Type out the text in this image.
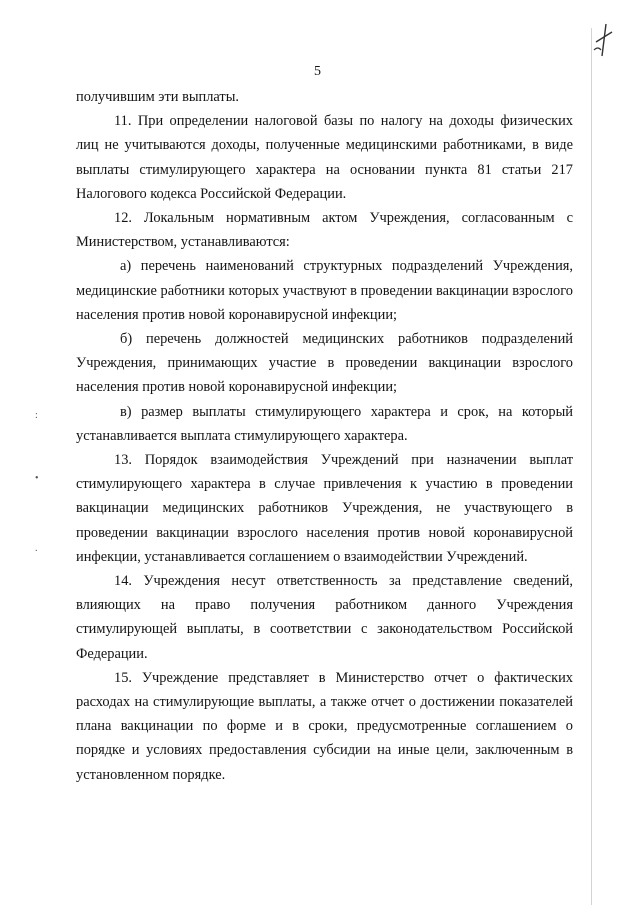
5
:
•
.

получившим эти выплаты.

11. При определении налоговой базы по налогу на доходы физических лиц не учитываются доходы, полученные медицинскими работниками, в виде выплаты стимулирующего характера на основании пункта 81 статьи 217 Налогового кодекса Российской Федерации.

12. Локальным нормативным актом Учреждения, согласованным с Министерством, устанавливаются:

а) перечень наименований структурных подразделений Учреждения, медицинские работники которых участвуют в проведении вакцинации взрослого населения против новой коронавирусной инфекции;

б) перечень должностей медицинских работников подразделений Учреждения, принимающих участие в проведении вакцинации взрослого населения против новой коронавирусной инфекции;

в) размер выплаты стимулирующего характера и срок, на который устанавливается выплата стимулирующего характера.

13. Порядок взаимодействия Учреждений при назначении выплат стимулирующего характера в случае привлечения к участию в проведении вакцинации медицинских работников Учреждения, не участвующего в проведении вакцинации взрослого населения против новой коронавирусной инфекции, устанавливается соглашением о взаимодействии Учреждений.

14. Учреждения несут ответственность за представление сведений, влияющих на право получения работником данного Учреждения стимулирующей выплаты, в соответствии с законодательством Российской Федерации.

15. Учреждение представляет в Министерство отчет о фактических расходах на стимулирующие выплаты, а также отчет о достижении показателей плана вакцинации по форме и в сроки, предусмотренные соглашением о порядке и условиях предоставления субсидии на иные цели, заключенным в установленном порядке.
